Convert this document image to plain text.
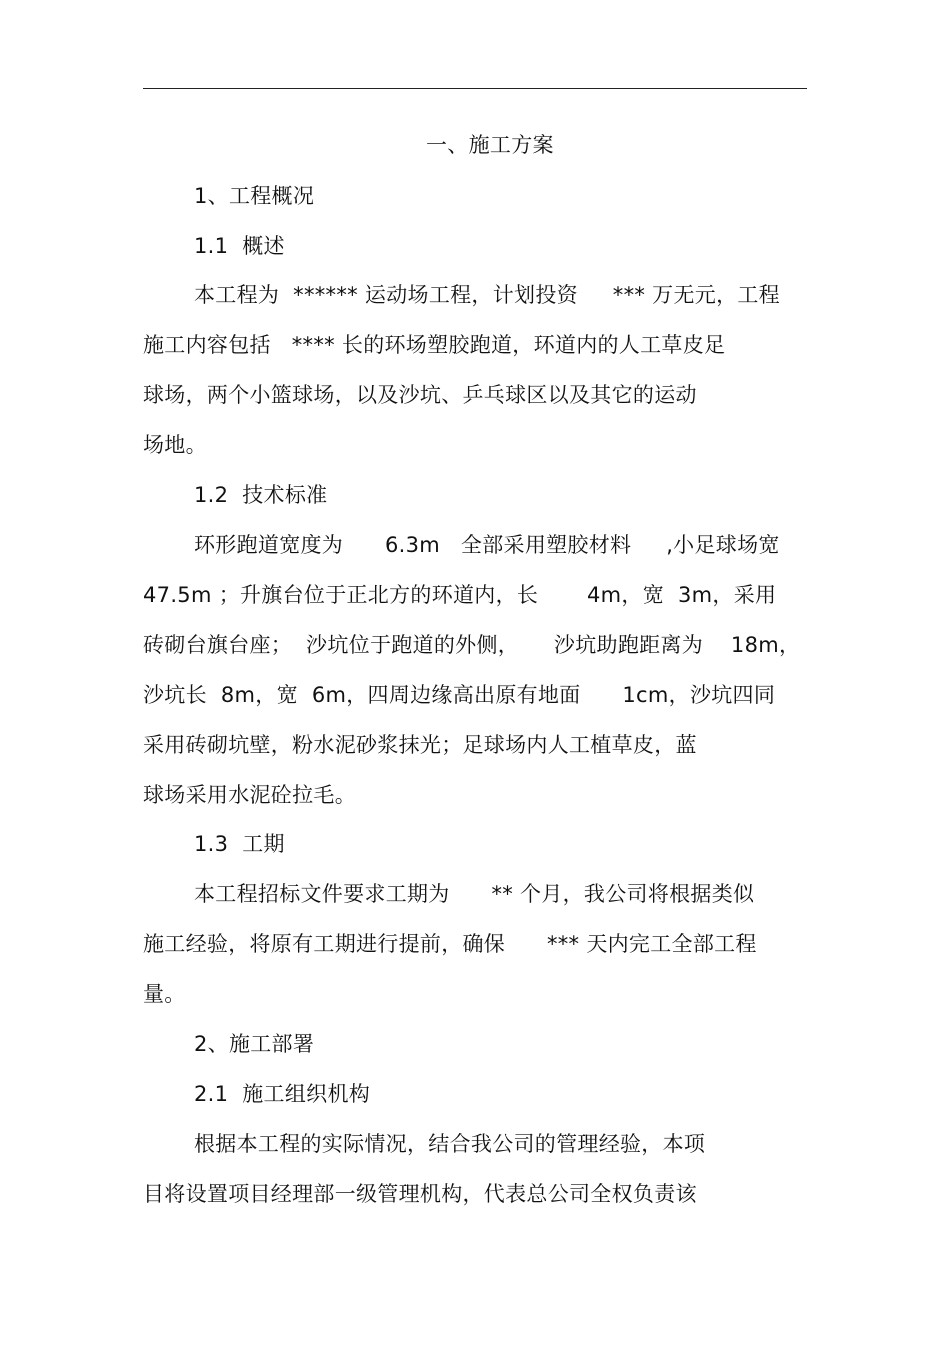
一、施工方案
1、工程概况
1.1  概述
本工程为  ****** 运动场工程，计划投资     *** 万无元，工程
施工内容包括   **** 长的环场塑胶跑道，环道内的人工草皮足
球场，两个小篮球场，以及沙坑、乒乓球区以及其它的运动
场地。
1.2  技术标准
环形跑道宽度为      6.3m   全部采用塑胶材料     ,小足球场宽
47.5m ；升旗台位于正北方的环道内，长       4m，宽  3m，采用
砖砌台旗台座；  沙坑位于跑道的外侧，     沙坑助跑距离为    18m，
沙坑长  8m，宽  6m，四周边缘高出原有地面      1cm，沙坑四同
采用砖砌坑壁，粉水泥砂浆抹光；足球场内人工植草皮，蓝
球场采用水泥砼拉毛。
1.3  工期
本工程招标文件要求工期为      ** 个月，我公司将根据类似
施工经验，将原有工期进行提前，确保      *** 天内完工全部工程
量。
2、施工部署
2.1  施工组织机构
根据本工程的实际情况，结合我公司的管理经验，本项
目将设置项目经理部一级管理机构，代表总公司全权负责该
